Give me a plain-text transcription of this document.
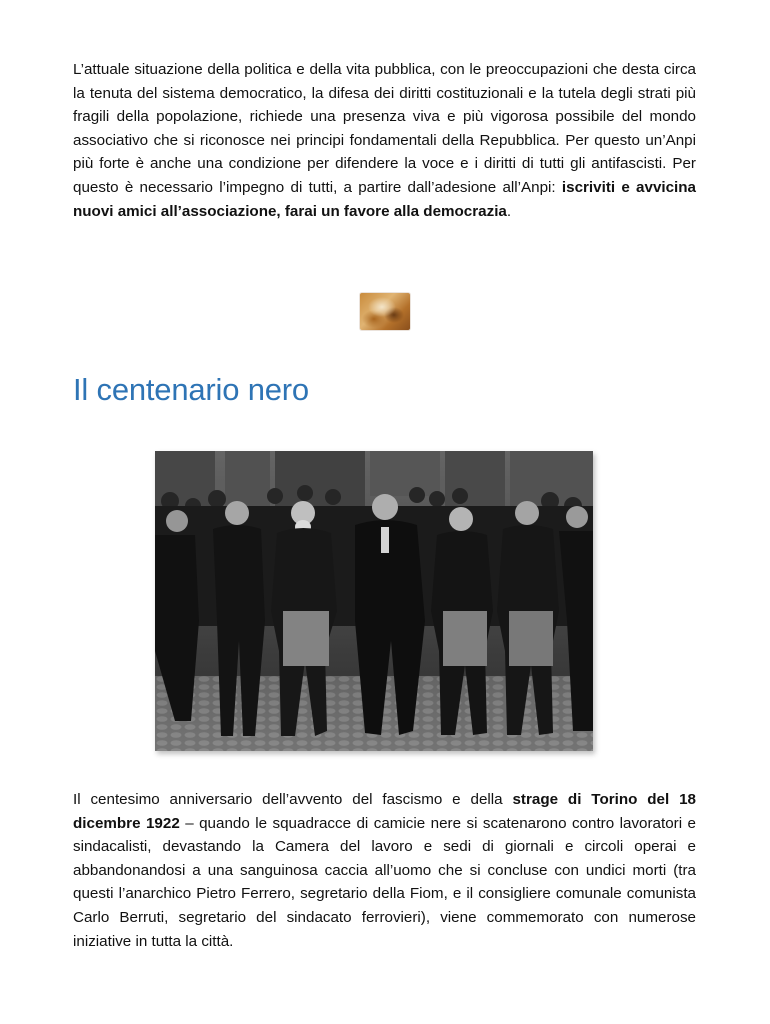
L’attuale situazione della politica e della vita pubblica, con le preoccupazioni che desta circa la tenuta del sistema democratico, la difesa dei diritti costituzionali e la tutela degli strati più fragili della popolazione, richiede una presenza viva e più vigorosa possibile del mondo associativo che si riconosce nei principi fondamentali della Repubblica. Per questo un’Anpi più forte è anche una condizione per difendere la voce e i diritti di tutti gli antifascisti. Per questo è necessario l’impegno di tutti, a partire dall’adesione all’Anpi: iscriviti e avvicina nuovi amici all’associazione, farai un favore alla democrazia.

Il centenario nero

Il centesimo anniversario dell’avvento del fascismo e della strage di Torino del 18 dicembre 1922 – quando le squadracce di camicie nere si scatenarono contro lavoratori e sindacalisti, devastando la Camera del lavoro e sedi di giornali e circoli operai e abbandonandosi a una sanguinosa caccia all’uomo che si concluse con undici morti (tra questi l’anarchico Pietro Ferrero, segretario della Fiom, e il consigliere comunale comunista Carlo Berruti, segretario del sindacato ferrovieri), viene commemorato con numerose iniziative in tutta la città.
